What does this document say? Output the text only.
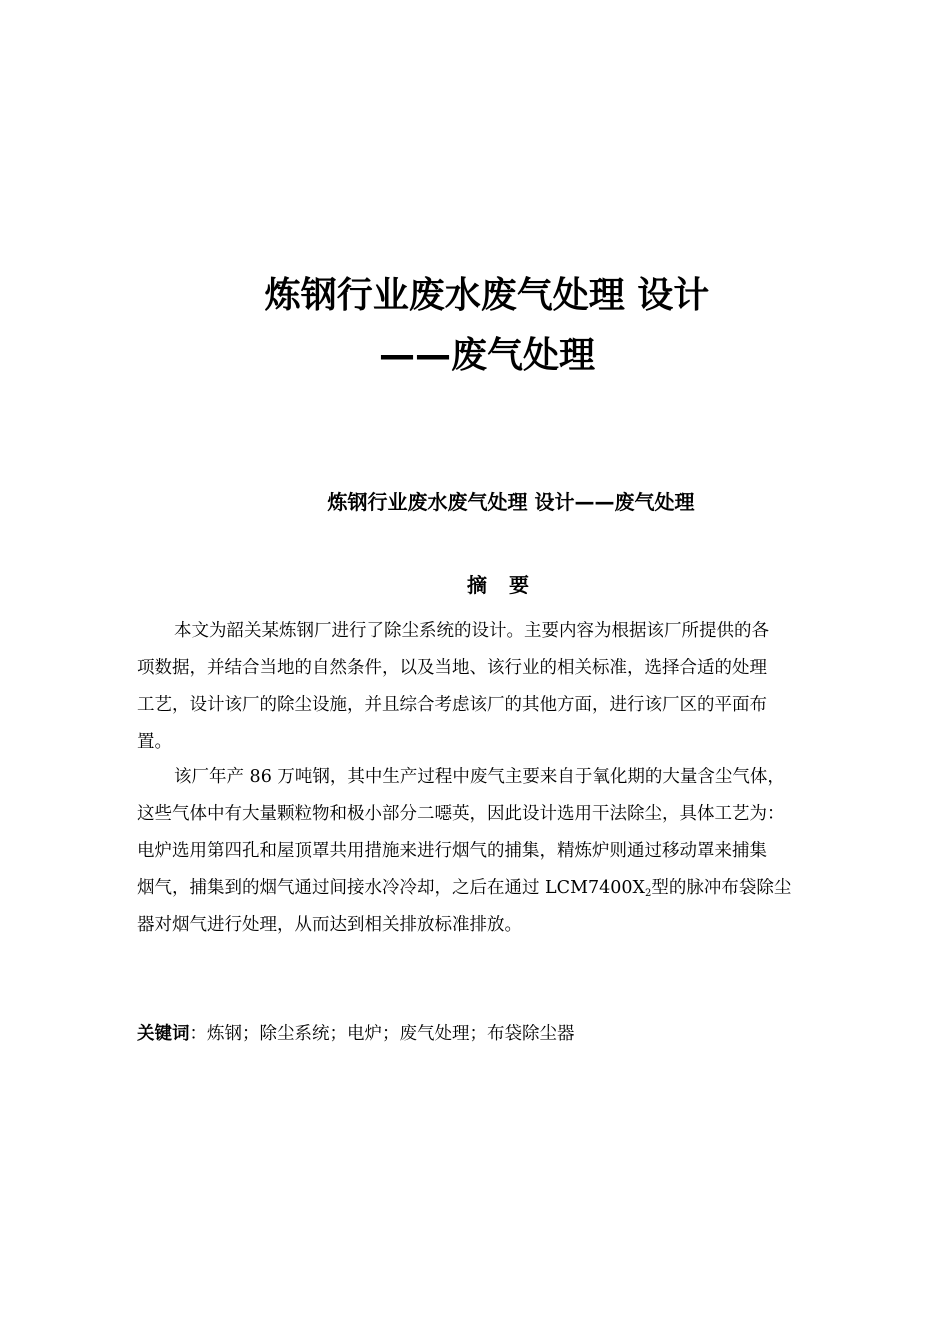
炼钢行业废水废气处理 设计
——废气处理
炼钢行业废水废气处理 设计——废气处理
摘要
本文为韶关某炼钢厂进行了除尘系统的设计。主要内容为根据该厂所提供的各
项数据，并结合当地的自然条件，以及当地、该行业的相关标准，选择合适的处理
工艺，设计该厂的除尘设施，并且综合考虑该厂的其他方面，进行该厂区的平面布
置。
该厂年产 86 万吨钢，其中生产过程中废气主要来自于氧化期的大量含尘气体，
这些气体中有大量颗粒物和极小部分二噁英，因此设计选用干法除尘，具体工艺为：
电炉选用第四孔和屋顶罩共用措施来进行烟气的捕集，精炼炉则通过移动罩来捕集
烟气，捕集到的烟气通过间接水冷冷却，之后在通过 $LCM7400X_2$型的脉冲布袋除尘
器对烟气进行处理，从而达到相关排放标准排放。
关键词：炼钢；除尘系统；电炉；废气处理；布袋除尘器
